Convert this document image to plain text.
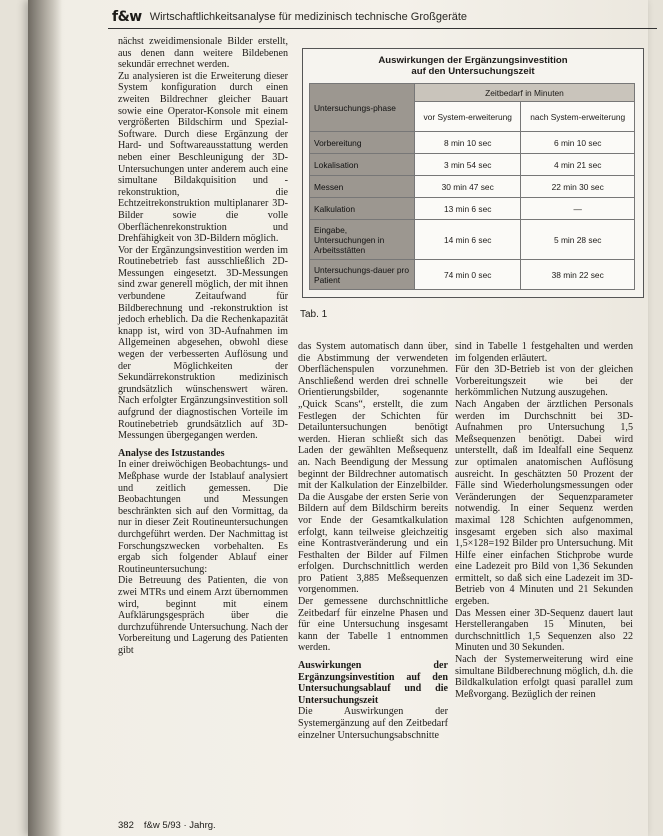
f&w Wirtschaftlichkeitsanalyse für medizinisch technische Großgeräte

nächst zweidimensionale Bilder erstellt, aus denen dann weitere Bildebenen sekundär errechnet werden.

Zu analysieren ist die Erweiterung dieser System konfiguration durch einen zweiten Bildrechner gleicher Bauart sowie eine Operator-Konsole mit einem vergrößerten Bildschirm und Spezial-Software. Durch diese Ergänzung der Hard- und Softwareausstattung werden neben einer Beschleunigung der 3D-Untersuchungen unter anderem auch eine simultane Bildakquisition und -rekonstruktion, die Echtzeitrekonstruktion multiplanarer 3D-Bilder sowie die volle Oberflächenrekonstruktion und Drehfähigkeit von 3D-Bildern möglich.

Vor der Ergänzungsinvestition werden im Routinebetrieb fast ausschließlich 2D-Messungen eingesetzt. 3D-Messungen sind zwar generell möglich, der mit ihnen verbundene Zeitaufwand für Bildberechnung und -rekonstruktion ist jedoch erheblich. Da die Rechenkapazität knapp ist, wird von 3D-Aufnahmen im Allgemeinen abgesehen, obwohl diese wegen der verbesserten Auflösung und der Möglichkeiten der Sekundärrekonstruktion medizinisch grundsätzlich wünschenswert wären. Nach erfolgter Ergänzungsinvestition soll aufgrund der diagnostischen Vorteile im Routinebetrieb grundsätzlich auf 3D-Messungen übergegangen werden.

Analyse des Istzustandes

In einer dreiwöchigen Beobachtungs- und Meßphase wurde der Istablauf analysiert und zeitlich gemessen. Die Beobachtungen und Messungen beschränkten sich auf den Vormittag, da nur in dieser Zeit Routineuntersuchungen durchgeführt werden. Der Nachmittag ist Forschungszwecken vorbehalten. Es ergab sich folgender Ablauf einer Routineuntersuchung:

Die Betreuung des Patienten, die von zwei MTRs und einem Arzt übernommen wird, beginnt mit einem Aufklärungsgespräch über die durchzuführende Untersuchung. Nach der Vorbereitung und Lagerung des Patienten gibt

Auswirkungen der Ergänzungsinvestition
auf den Untersuchungszeit
Untersuchungs-phase	Zeitbedarf in Minuten	
	vor System-erweiterung	nach System-erweiterung
Vorbereitung	8 min 10 sec	6 min 10 sec
Lokalisation	3 min 54 sec	4 min 21 sec
Messen	30 min 47 sec	22 min 30 sec
Kalkulation	13 min 6 sec	—
Eingabe, Untersuchungen in Arbeitsstätten	14 min 6 sec	5 min 28 sec
Untersuchungs-dauer pro Patient	74 min 0 sec	38 min 22 sec
Tab. 1

das System automatisch dann über, die Abstimmung der verwendeten Oberflächenspulen vorzunehmen. Anschließend werden drei schnelle Orientierungsbilder, sogenannte „Quick Scans“, erstellt, die zum Festlegen der Schichten für Detailuntersuchungen benötigt werden. Hieran schließt sich das Laden der gewählten Meßsequenz an. Nach Beendigung der Messung beginnt der Bildrechner automatisch mit der Kalkulation der Einzelbilder. Da die Ausgabe der ersten Serie von Bildern auf dem Bildschirm bereits vor Ende der Gesamtkalkulation erfolgt, kann teilweise gleichzeitig eine Kontrastveränderung und ein Festhalten der Bilder auf Filmen erfolgen. Durchschnittlich werden pro Patient 3,885 Meßsequenzen vorgenommen.

Der gemessene durchschnittliche Zeitbedarf für einzelne Phasen und für eine Untersuchung insgesamt kann der Tabelle 1 entnommen werden.

Auswirkungen der Ergänzungsinvestition auf den Untersuchungsablauf und die Untersuchungszeit

Die Auswirkungen der Systemergänzung auf den Zeitbedarf einzelner Untersuchungsabschnitte

sind in Tabelle 1 festgehalten und werden im folgenden erläutert.

Für den 3D-Betrieb ist von der gleichen Vorbereitungszeit wie bei der herkömmlichen Nutzung auszugehen.

Nach Angaben der ärztlichen Personals werden im Durchschnitt bei 3D-Aufnahmen pro Untersuchung 1,5 Meßsequenzen benötigt. Dabei wird unterstellt, daß im Idealfall eine Sequenz zur optimalen anatomischen Auflösung ausreicht. In geschätzten 50 Prozent der Fälle sind Wiederholungsmessungen oder Veränderungen der Sequenzparameter notwendig. In einer Sequenz werden maximal 128 Schichten aufgenommen, insgesamt ergeben sich also maximal 1,5×128=192 Bilder pro Untersuchung. Mit Hilfe einer einfachen Stichprobe wurde eine Ladezeit pro Bild von 1,36 Sekunden ermittelt, so daß sich eine Ladezeit im 3D-Betrieb von 4 Minuten und 21 Sekunden ergeben.

Das Messen einer 3D-Sequenz dauert laut Herstellerangaben 15 Minuten, bei durchschnittlich 1,5 Sequenzen also 22 Minuten und 30 Sekunden.

Nach der Systemerweiterung wird eine simultane Bildberechnung möglich, d.h. die Bildkalkulation erfolgt quasi parallel zum Meßvorgang. Bezüglich der reinen

382 f&w 5/93 · Jahrg.
